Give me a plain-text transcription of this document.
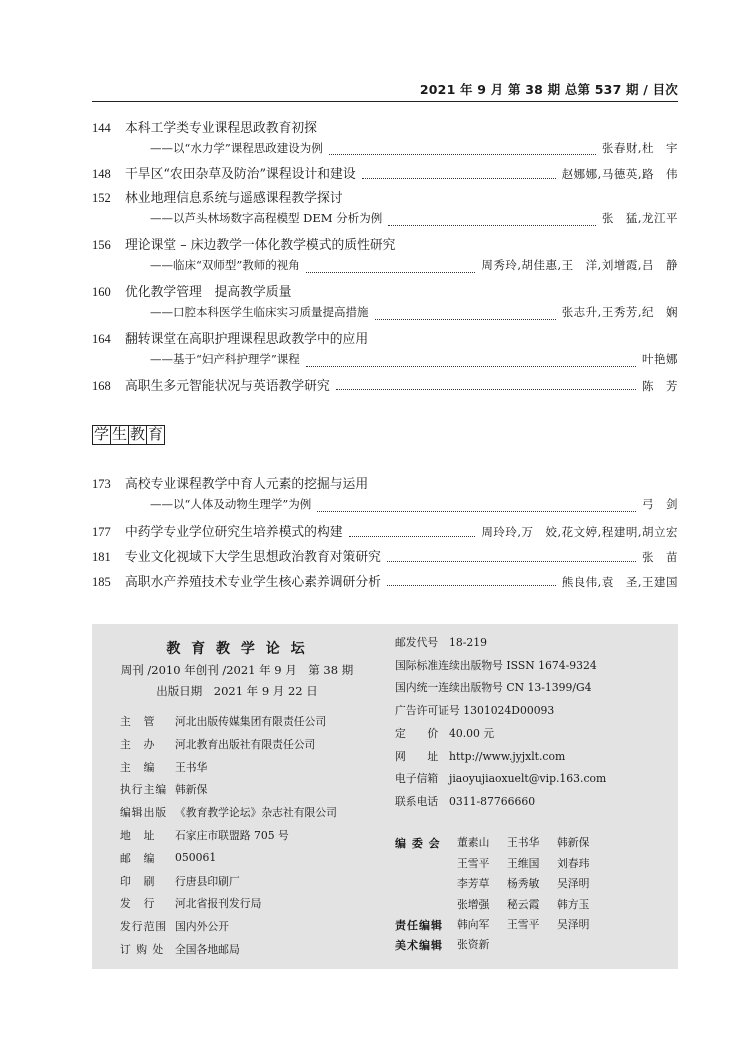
2021 年 9 月 第 38 期 总第 537 期 / 目次
144	本科工学类专业课程思政教育初探
——以“水力学”课程思政建设为例	张春财,杜　宇
148	干旱区“农田杂草及防治”课程设计和建设	赵娜娜,马德英,路　伟
152	林业地理信息系统与遥感课程教学探讨
——以芦头林场数字高程模型 DEM 分析为例	张　猛,龙江平
156	理论课堂 – 床边教学一体化教学模式的质性研究
——临床“双师型”教师的视角	周秀玲,胡佳惠,王　洋,刘增霞,吕　静
160	优化教学管理　提高教学质量
——口腔本科医学生临床实习质量提高措施	张志升,王秀芳,纪　娴
164	翻转课堂在高职护理课程思政教学中的应用
——基于“妇产科护理学”课程	叶艳娜
168	高职生多元智能状况与英语教学研究	陈　芳
学 生 教 育
173	高校专业课程教学中育人元素的挖掘与运用
——以“人体及动物生理学”为例	弓　剑
177	中药学专业学位研究生培养模式的构建	周玲玲,万　姣,花文婷,程建明,胡立宏
181	专业文化视域下大学生思想政治教育对策研究	张　苗
185	高职水产养殖技术专业学生核心素养调研分析	熊良伟,袁　圣,王建国
教 育 教 学 论 坛
周刊 /2010 年创刊 /2021 年 9 月　第 38 期
出版日期　2021 年 9 月 22 日
主　管	河北出版传媒集团有限责任公司
主　办	河北教育出版社有限责任公司
主　编	王书华
执行主编 韩新保
编辑出版 《教育教学论坛》杂志社有限公司
地　址	石家庄市联盟路 705 号
邮　编	050061
印　刷	行唐县印刷厂
发　行	河北省报刊发行局
发行范围 国内外公开
订 购 处 全国各地邮局
邮发代号　18-219
国际标准连续出版物号 ISSN 1674-9324
国内统一连续出版物号 CN 13-1399/G4
广告许可证号 1301024D00093
定　　价　40.00 元
网　　址　http://www.jyjxlt.com
电子信箱　jiaoyujiaoxuelt@vip.163.com
联系电话　0311-87766660
编 委 会 董素山	王书华	韩新保
王雪平	王维国	刘春玮
李芳草	杨秀敏	吴泽明
张增强	秘云霞	韩方玉
责任编辑 韩向军	王雪平	吴泽明
美术编辑 张资新
